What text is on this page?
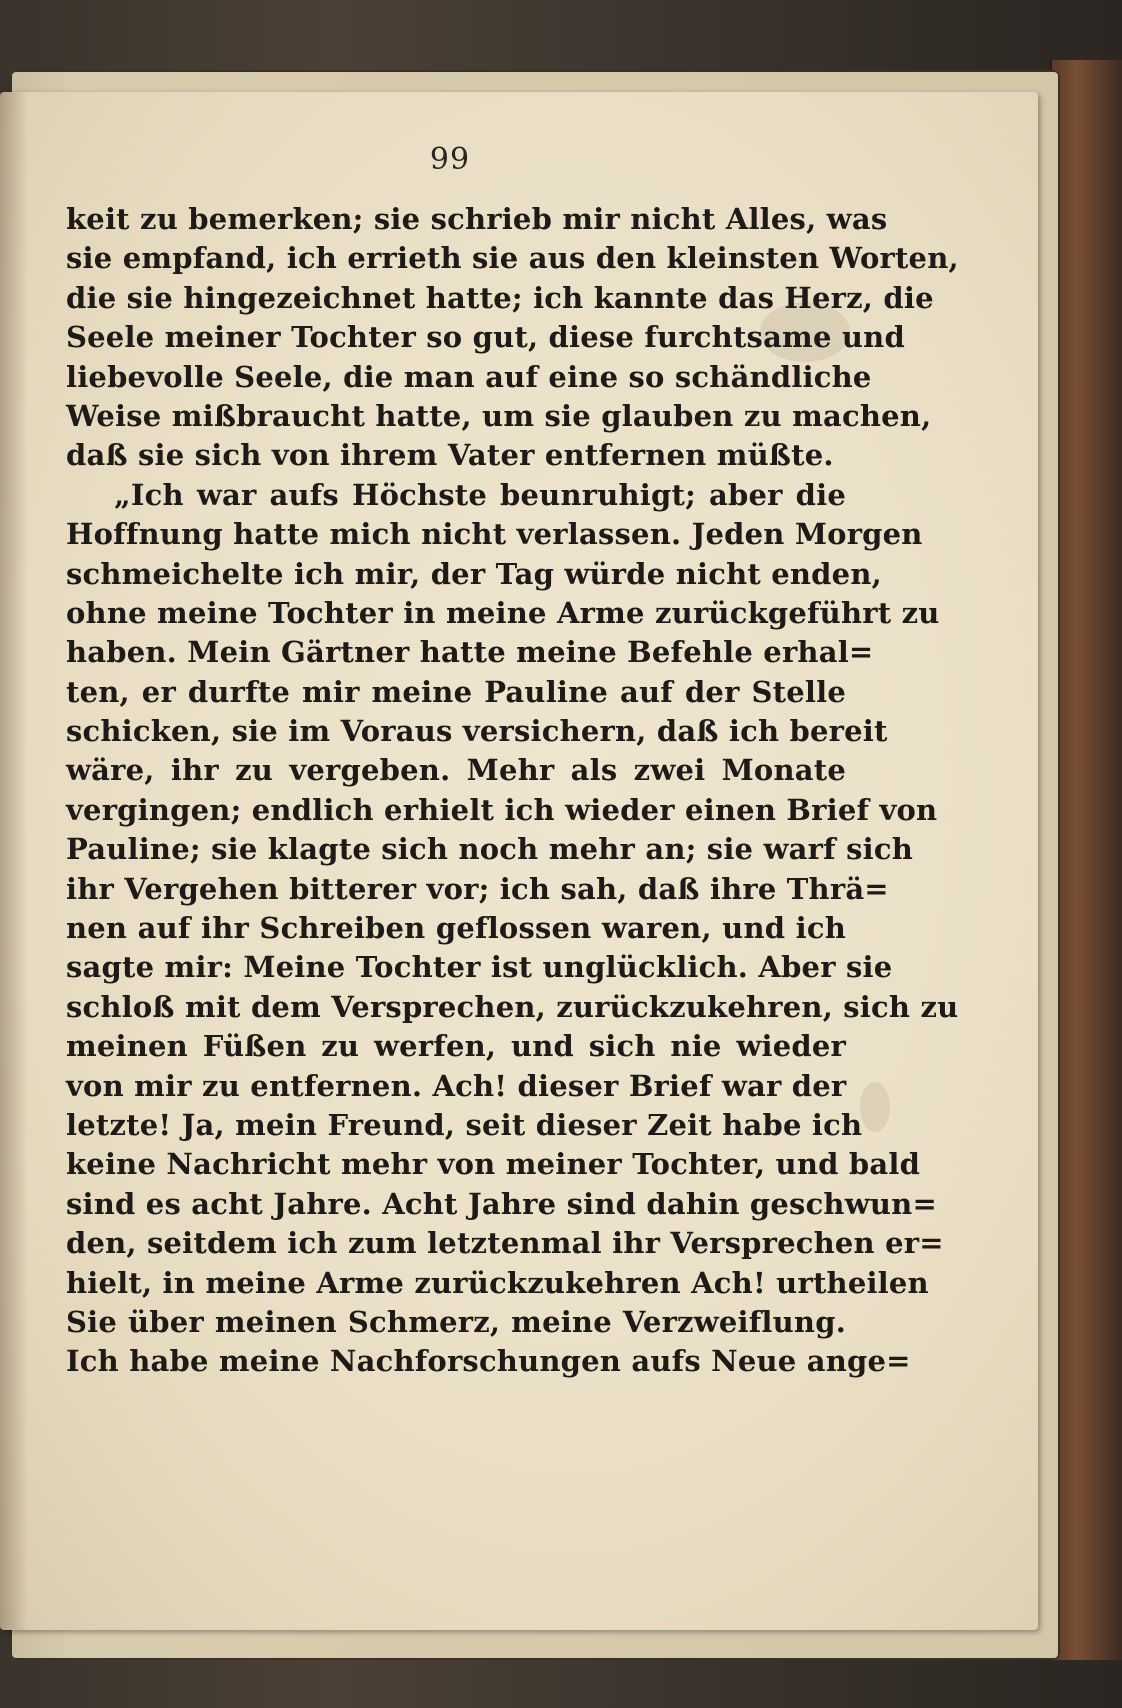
99
keit zu bemerken; sie schrieb mir nicht Alles, was
sie empfand, ich errieth sie aus den kleinsten Worten,
die sie hingezeichnet hatte; ich kannte das Herz, die
Seele meiner Tochter so gut, diese furchtsame und
liebevolle Seele, die man auf eine so schändliche
Weise mißbraucht hatte, um sie glauben zu machen,
daß sie sich von ihrem Vater entfernen müßte.
„Ich war aufs Höchste beunruhigt; aber die
Hoffnung hatte mich nicht verlassen. Jeden Morgen
schmeichelte ich mir, der Tag würde nicht enden,
ohne meine Tochter in meine Arme zurückgeführt zu
haben. Mein Gärtner hatte meine Befehle erhal=
ten, er durfte mir meine Pauline auf der Stelle
schicken, sie im Voraus versichern, daß ich bereit
wäre, ihr zu vergeben. Mehr als zwei Monate
vergingen; endlich erhielt ich wieder einen Brief von
Pauline; sie klagte sich noch mehr an; sie warf sich
ihr Vergehen bitterer vor; ich sah, daß ihre Thrä=
nen auf ihr Schreiben geflossen waren, und ich
sagte mir: Meine Tochter ist unglücklich. Aber sie
schloß mit dem Versprechen, zurückzukehren, sich zu
meinen Füßen zu werfen, und sich nie wieder
von mir zu entfernen. Ach! dieser Brief war der
letzte! Ja, mein Freund, seit dieser Zeit habe ich
keine Nachricht mehr von meiner Tochter, und bald
sind es acht Jahre. Acht Jahre sind dahin geschwun=
den, seitdem ich zum letztenmal ihr Versprechen er=
hielt, in meine Arme zurückzukehren Ach! urtheilen
Sie über meinen Schmerz, meine Verzweiflung.
Ich habe meine Nachforschungen aufs Neue ange=
